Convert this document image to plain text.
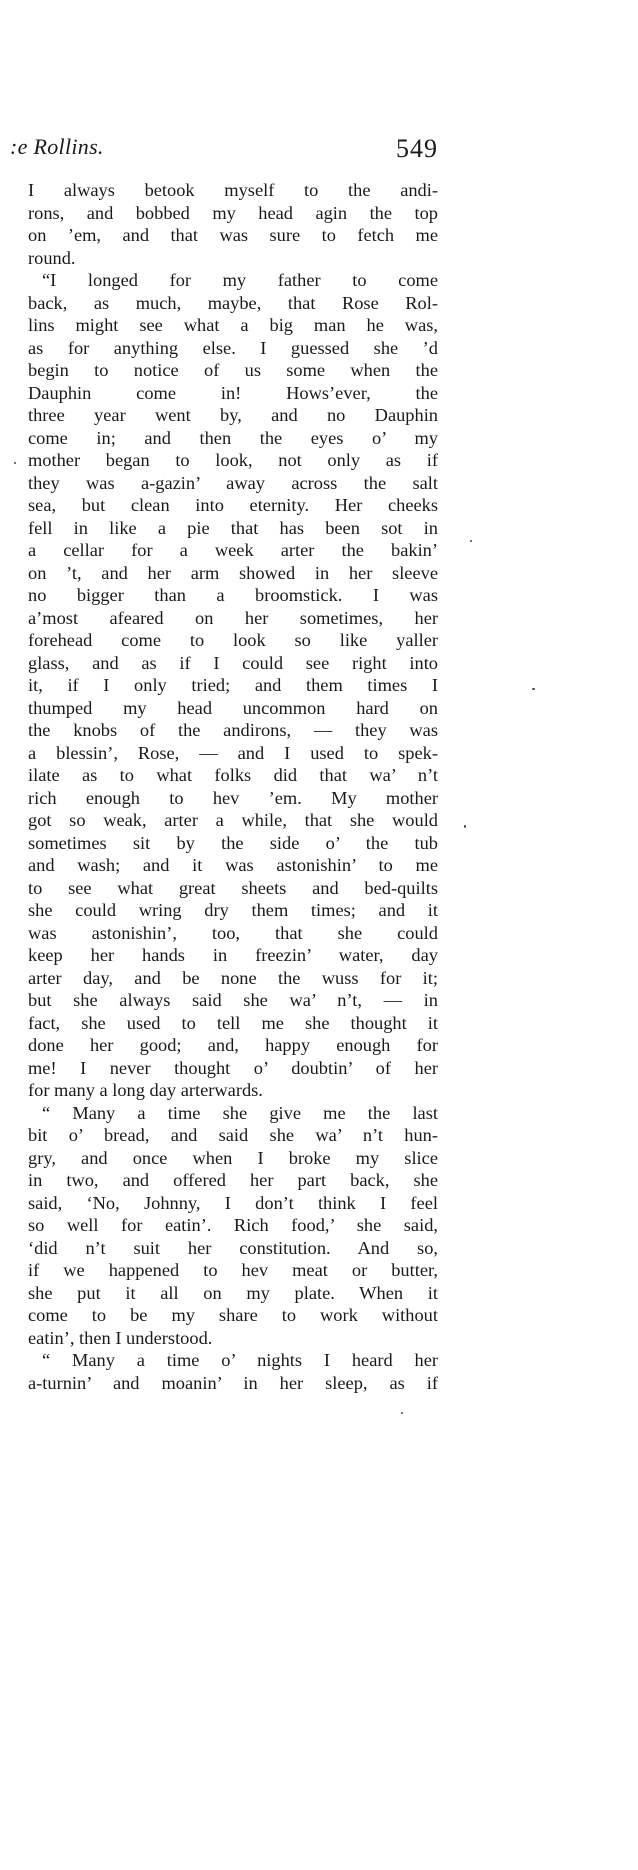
:e Rollins.	549
I always betook myself to the andi-
rons, and bobbed my head agin the top
on ’em, and that was sure to fetch me
round.
“I longed for my father to come
back, as much, maybe, that Rose Rol-
lins might see what a big man he was,
as for anything else. I guessed she ’d
begin to notice of us some when the
Dauphin come in! Hows’ever, the
three year went by, and no Dauphin
come in; and then the eyes o’ my
mother began to look, not only as if
they was a-gazin’ away across the salt
sea, but clean into eternity. Her cheeks
fell in like a pie that has been sot in
a cellar for a week arter the bakin’
on ’t, and her arm showed in her sleeve
no bigger than a broomstick. I was
a’most afeared on her sometimes, her
forehead come to look so like yaller
glass, and as if I could see right into
it, if I only tried; and them times I
thumped my head uncommon hard on
the knobs of the andirons, — they was
a blessin’, Rose, — and I used to spek-
ilate as to what folks did that wa’ n’t
rich enough to hev ’em. My mother
got so weak, arter a while, that she would
sometimes sit by the side o’ the tub
and wash; and it was astonishin’ to me
to see what great sheets and bed-quilts
she could wring dry them times; and it
was astonishin’, too, that she could
keep her hands in freezin’ water, day
arter day, and be none the wuss for it;
but she always said she wa’ n’t, — in
fact, she used to tell me she thought it
done her good; and, happy enough for
me! I never thought o’ doubtin’ of her
for many a long day arterwards.
“ Many a time she give me the last
bit o’ bread, and said she wa’ n’t hun-
gry, and once when I broke my slice
in two, and offered her part back, she
said, ‘No, Johnny, I don’t think I feel
so well for eatin’. Rich food,’ she said,
‘did n’t suit her constitution. And so,
if we happened to hev meat or butter,
she put it all on my plate. When it
come to be my share to work without
eatin’, then I understood.
“ Many a time o’ nights I heard her
a-turnin’ and moanin’ in her sleep, as if
